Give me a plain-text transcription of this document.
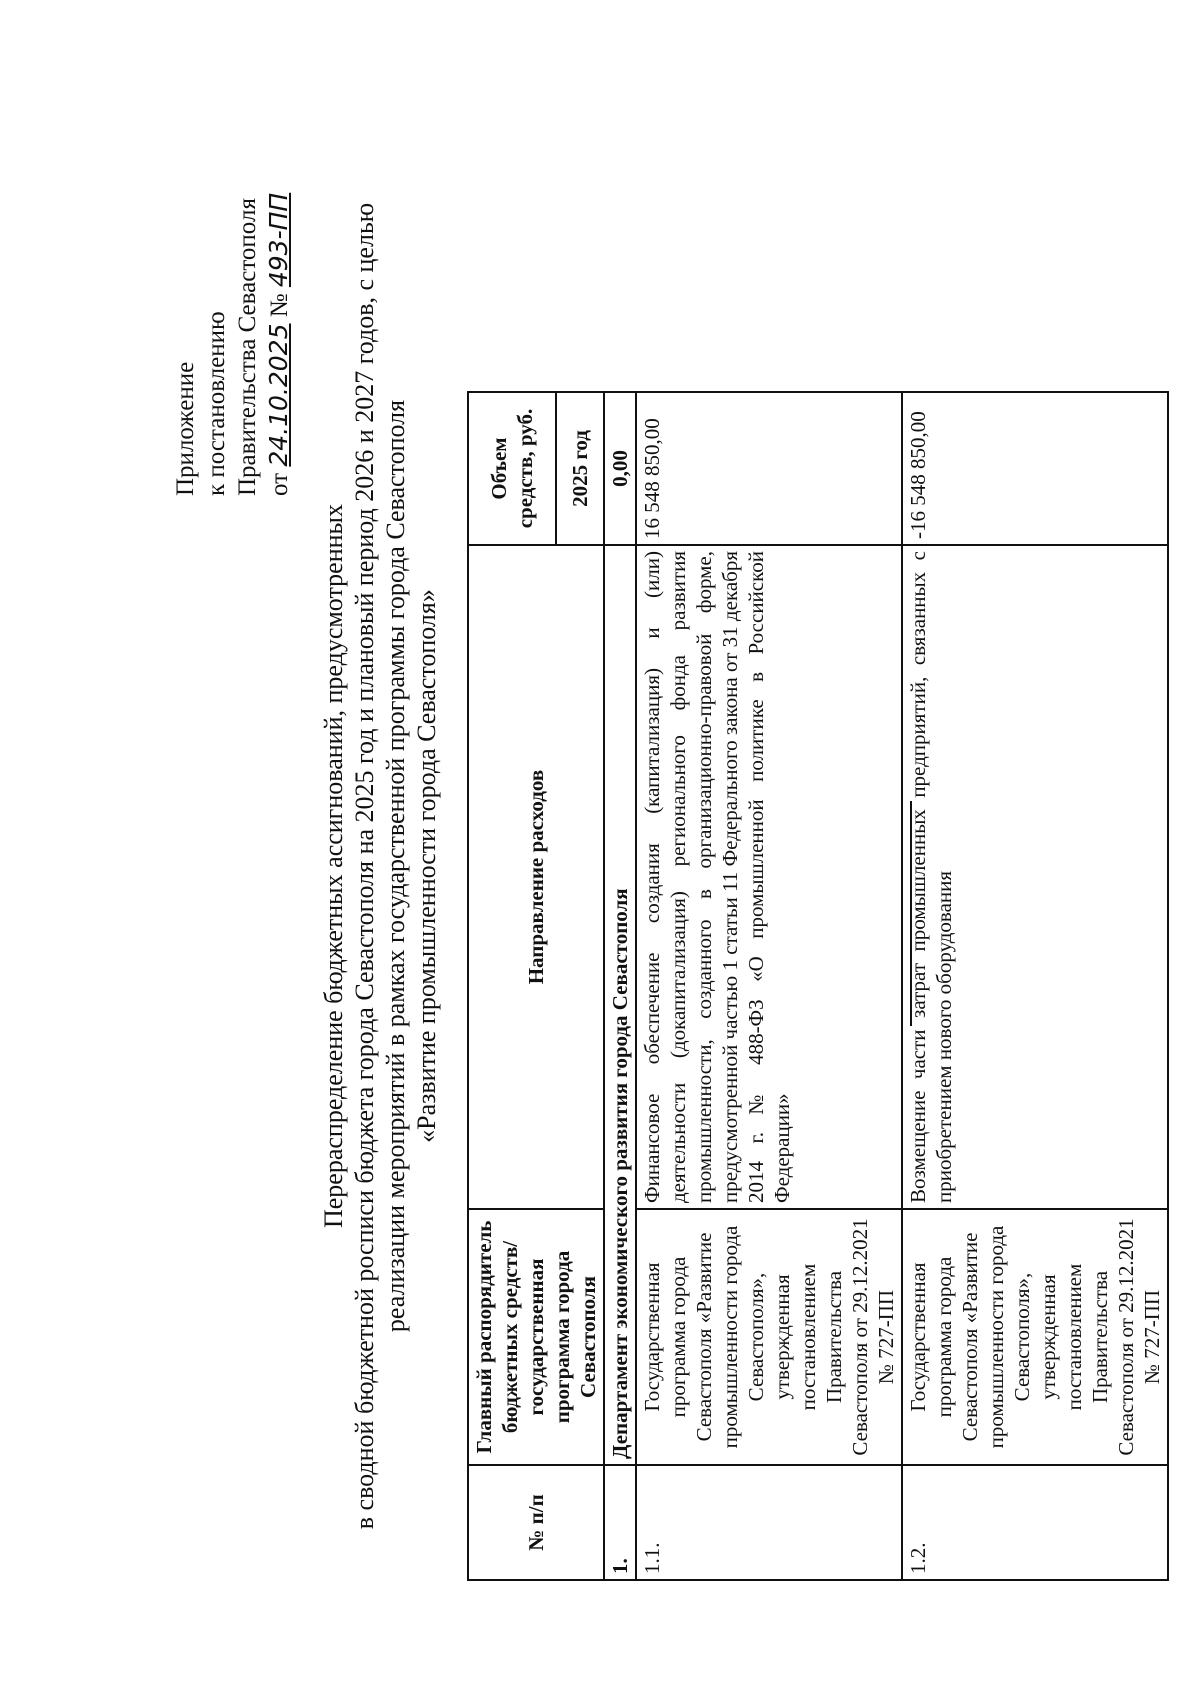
Приложение к постановлению Правительства Севастополя от 24.10.2025 № 493-ПП
Перераспределение бюджетных ассигнований, предусмотренных в сводной бюджетной росписи бюджета города Севастополя на 2025 год и плановый период 2026 и 2027 годов, с целью реализации мероприятий в рамках государственной программы города Севастополя «Развитие промышленности города Севастополя»
№ п/п	Главный распорядитель бюджетных средств/государственная программа города Севастополя	Направление расходов	Объем средств, руб.
			2025 год
1.	Департамент экономического развития города Севастополя		0,00
1.1.	Государственная программа города Севастополя «Развитие промышленности города Севастополя», утвержденная постановлением Правительства Севастополя от 29.12.2021 № 727-ПП	Финансовое обеспечение создания (капитализация) и (или) деятельности (докапитализация) регионального фонда развития промышленности, созданного в организационно-правовой форме, предусмотренной частью 1 статьи 11 Федерального закона от 31 декабря 2014 г. № 488-ФЗ «О промышленной политике в Российской Федерации»	16 548 850,00
1.2.	Государственная программа города Севастополя «Развитие промышленности города Севастополя», утвержденная постановлением Правительства Севастополя от 29.12.2021 № 727-ПП	Возмещение части затрат промышленных предприятий, связанных с приобретением нового оборудования	-16 548 850,00
